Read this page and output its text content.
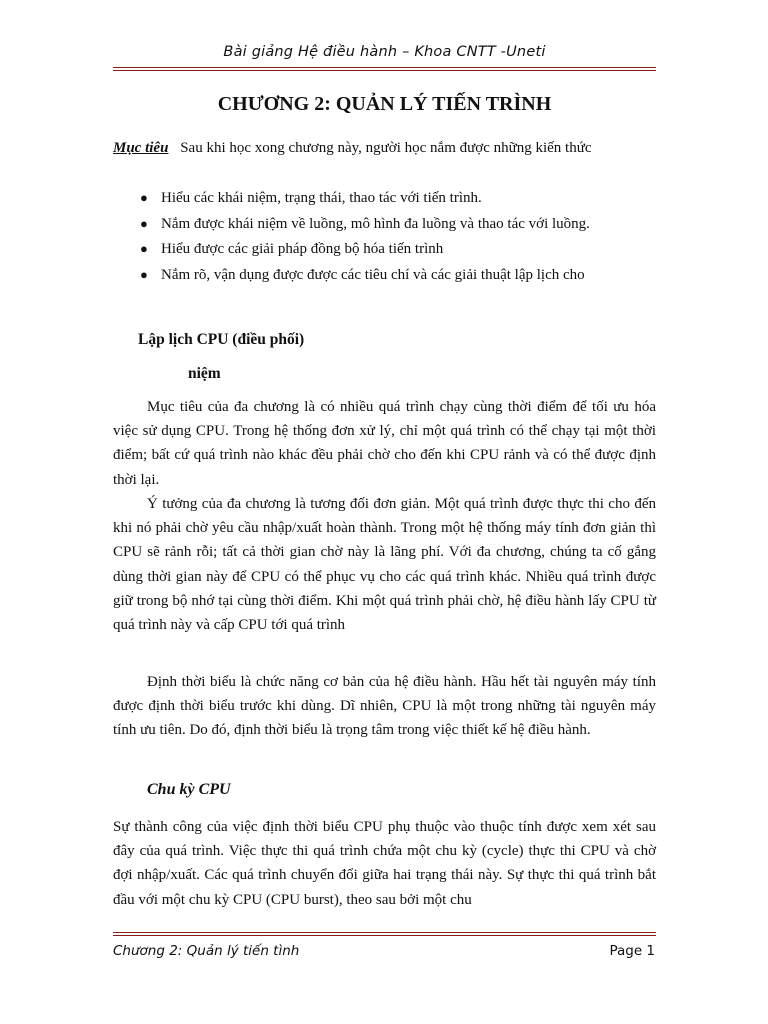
Bài giảng Hệ điều hành – Khoa CNTT -Uneti
CHƯƠNG 2: QUẢN LÝ TIẾN TRÌNH
Mục tiêu Sau khi học xong chương này, người học nắm được những kiến thức
● Hiểu các khái niệm, trạng thái, thao tác với tiến trình.
● Nắm được khái niệm về luồng, mô hình đa luồng và thao tác với luồng.
● Hiểu được các giải pháp đồng bộ hóa tiến trình
● Nắm rõ, vận dụng được được các tiêu chí và các giải thuật lập lịch cho
Lập lịch CPU (điều phối)
niệm

Mục tiêu của đa chương là có nhiều quá trình chạy cùng thời điểm để tối ưu hóa việc sử dụng CPU. Trong hệ thống đơn xử lý, chỉ một quá trình có thể chạy tại một thời điểm; bất cứ quá trình nào khác đều phải chờ cho đến khi CPU rảnh và có thể được định thời lại.

Ý tưởng của đa chương là tương đối đơn giản. Một quá trình được thực thi cho đến khi nó phải chờ yêu cầu nhập/xuất hoàn thành. Trong một hệ thống máy tính đơn giản thì CPU sẽ rảnh rỗi; tất cả thời gian chờ này là lãng phí. Với đa chương, chúng ta cố gắng dùng thời gian này để CPU có thể phục vụ cho các quá trình khác. Nhiều quá trình được giữ trong bộ nhớ tại cùng thời điểm. Khi một quá trình phải chờ, hệ điều hành lấy CPU từ quá trình này và cấp CPU tới quá trình

Định thời biểu là chức năng cơ bản của hệ điều hành. Hầu hết tài nguyên máy tính được định thời biểu trước khi dùng. Dĩ nhiên, CPU là một trong những tài nguyên máy tính ưu tiên. Do đó, định thời biểu là trọng tâm trong việc thiết kế hệ điều hành.

Chu kỳ CPU

Sự thành công của việc định thời biểu CPU phụ thuộc vào thuộc tính được xem xét sau đây của quá trình. Việc thực thi quá trình chứa một chu kỳ (cycle) thực thi CPU và chờ đợi nhập/xuất. Các quá trình chuyển đổi giữa hai trạng thái này. Sự thực thi quá trình bắt đầu với một chu kỳ CPU (CPU burst), theo sau bởi một chu

Chương 2: Quản lý tiến tình	Page 1
